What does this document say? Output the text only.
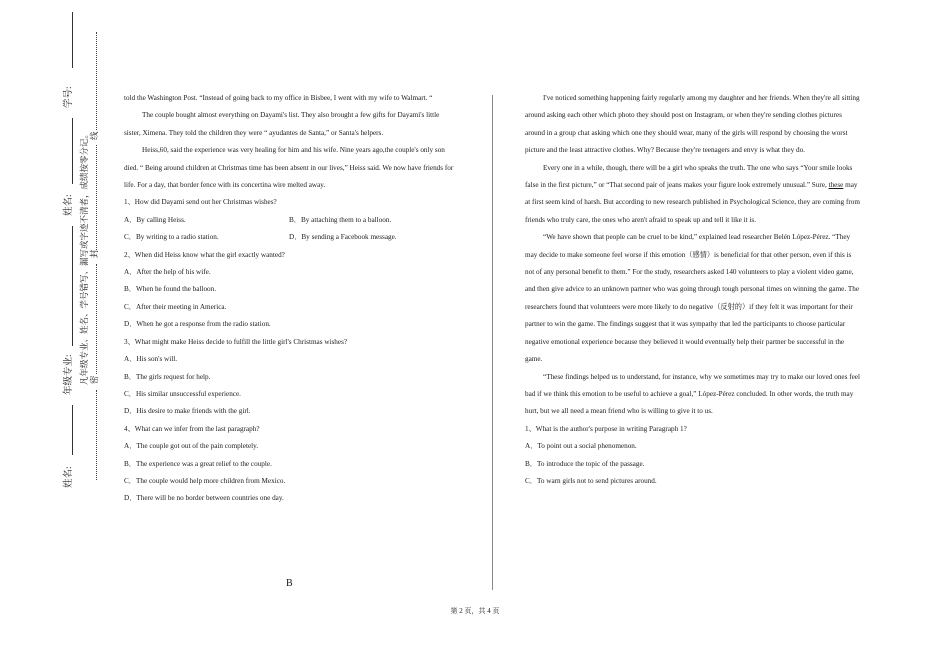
学号:
姓名:
年级专业:
姓名:
凡年级专业、姓名、学号错写、漏写或字迹不清者，成绩按零分记。 线
封
密

told the Washington Post. “Instead of going back to my office in Bisbee, I went with my wife to Walmart. “

The couple bought almost everything on Dayami's list. They also brought a few gifts for Dayami's little sister, Ximena. They told the children they were “ ayudantes de Santa,” or Santa's helpers.

Heiss,60, said the experience was very healing for him and his wife. Nine years ago,the couple's only son died. “ Being around children at Christmas time has been absent in our lives,” Heiss said. We now have friends for life. For a day, that border fence with its concertina wire melted away.

1、How did Dayami send out her Christmas wishes?

A．By calling Heiss.	B．By attaching them to a balloon.
C．By writing to a radio station.	D．By sending a Facebook message.

2、When did Heiss know what the girl exactly wanted?

A．After the help of his wife.

B．When he found the balloon.

C．After their meeting in America.

D．When he got a response from the radio station.

3、What might make Heiss decide to fulfill the little girl's Christmas wishes?

A．His son's will.

B．The girls request for help.

C．His similar unsuccessful experience.

D．His desire to make friends with the girl.

4、What can we infer from the last paragraph?

A．The couple got out of the pain completely.

B．The experience was a great relief to the couple.

C．The couple would help more children from Mexico.

D．There will be no border between countries one day.

B

I've noticed something happening fairly regularly among my daughter and her friends. When they're all sitting around asking each other which photo they should post on Instagram, or when they're sending clothes pictures around in a group chat asking which one they should wear, many of the girls will respond by choosing the worst picture and the least attractive clothes. Why? Because they're teenagers and envy is what they do.

Every one in a while, though, there will be a girl who speaks the truth. The one who says “Your smile looks false in the first picture,” or “That second pair of jeans makes your figure look extremely unusual.” Sure, these may at first seem kind of harsh. But according to new research published in Psychological Science, they are coming from friends who truly care, the ones who aren't afraid to speak up and tell it like it is.

“We have shown that people can be cruel to be kind,” explained lead researcher Belén López-Pérez. “They may decide to make someone feel worse if this emotion（感情）is beneficial for that other person, even if this is not of any personal benefit to them.” For the study, researchers asked 140 volunteers to play a violent video game, and then give advice to an unknown partner who was going through tough personal times on winning the game. The researchers found that volunteers were more likely to do negative（反射的）if they felt it was important for their partner to win the game. The findings suggest that it was sympathy that led the participants to choose particular negative emotional experience because they believed it would eventually help their partner be successful in the game.

“These findings helped us to understand, for instance, why we sometimes may try to make our loved ones feel bad if we think this emotion to be useful to achieve a goal,” López-Pérez concluded. In other words, the truth may hurt, but we all need a mean friend who is willing to give it to us.

1、What is the author's purpose in writing Paragraph 1?

A．To point out a social phenomenon.

B．To introduce the topic of the passage.

C．To warn girls not to send pictures around.

第 2 页，共 4 页
